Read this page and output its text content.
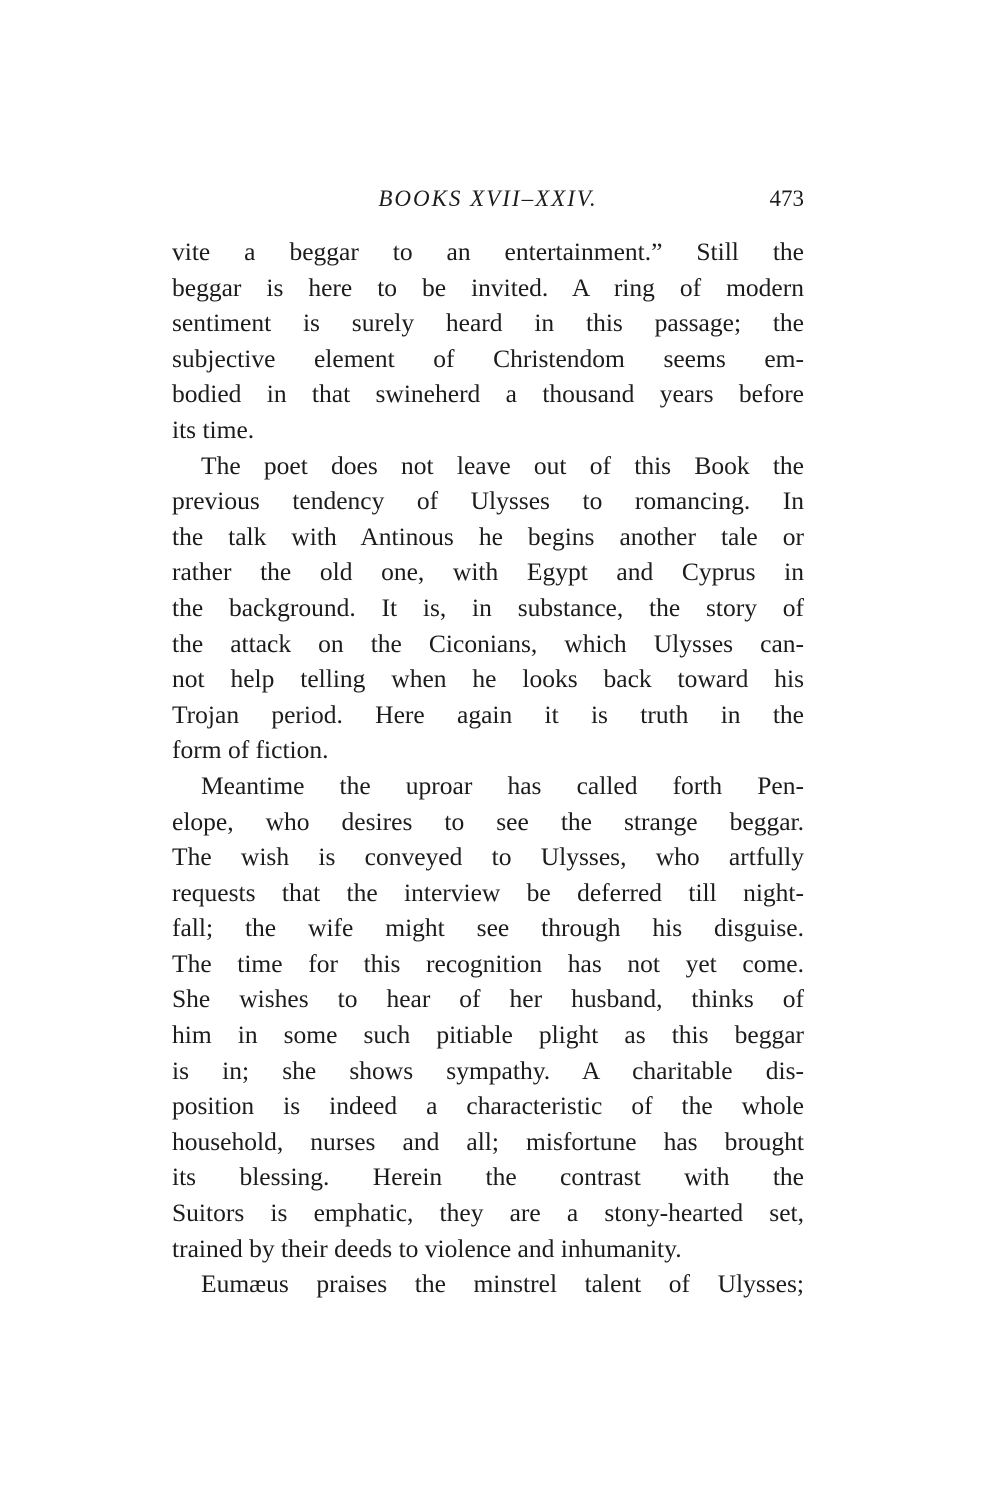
BOOKS XVII–XXIV.	473
vite a beggar to an entertainment.” Still the
beggar is here to be invited. A ring of modern
sentiment is surely heard in this passage; the
subjective element of Christendom seems em-
bodied in that swineherd a thousand years before
its time.
The poet does not leave out of this Book the
previous tendency of Ulysses to romancing. In
the talk with Antinous he begins another tale or
rather the old one, with Egypt and Cyprus in
the background. It is, in substance, the story of
the attack on the Ciconians, which Ulysses can-
not help telling when he looks back toward his
Trojan period. Here again it is truth in the
form of fiction.
Meantime the uproar has called forth Pen-
elope, who desires to see the strange beggar.
The wish is conveyed to Ulysses, who artfully
requests that the interview be deferred till night-
fall; the wife might see through his disguise.
The time for this recognition has not yet come.
She wishes to hear of her husband, thinks of
him in some such pitiable plight as this beggar
is in; she shows sympathy. A charitable dis-
position is indeed a characteristic of the whole
household, nurses and all; misfortune has brought
its blessing. Herein the contrast with the
Suitors is emphatic, they are a stony-hearted set,
trained by their deeds to violence and inhumanity.
Eumæus praises the minstrel talent of Ulysses;
